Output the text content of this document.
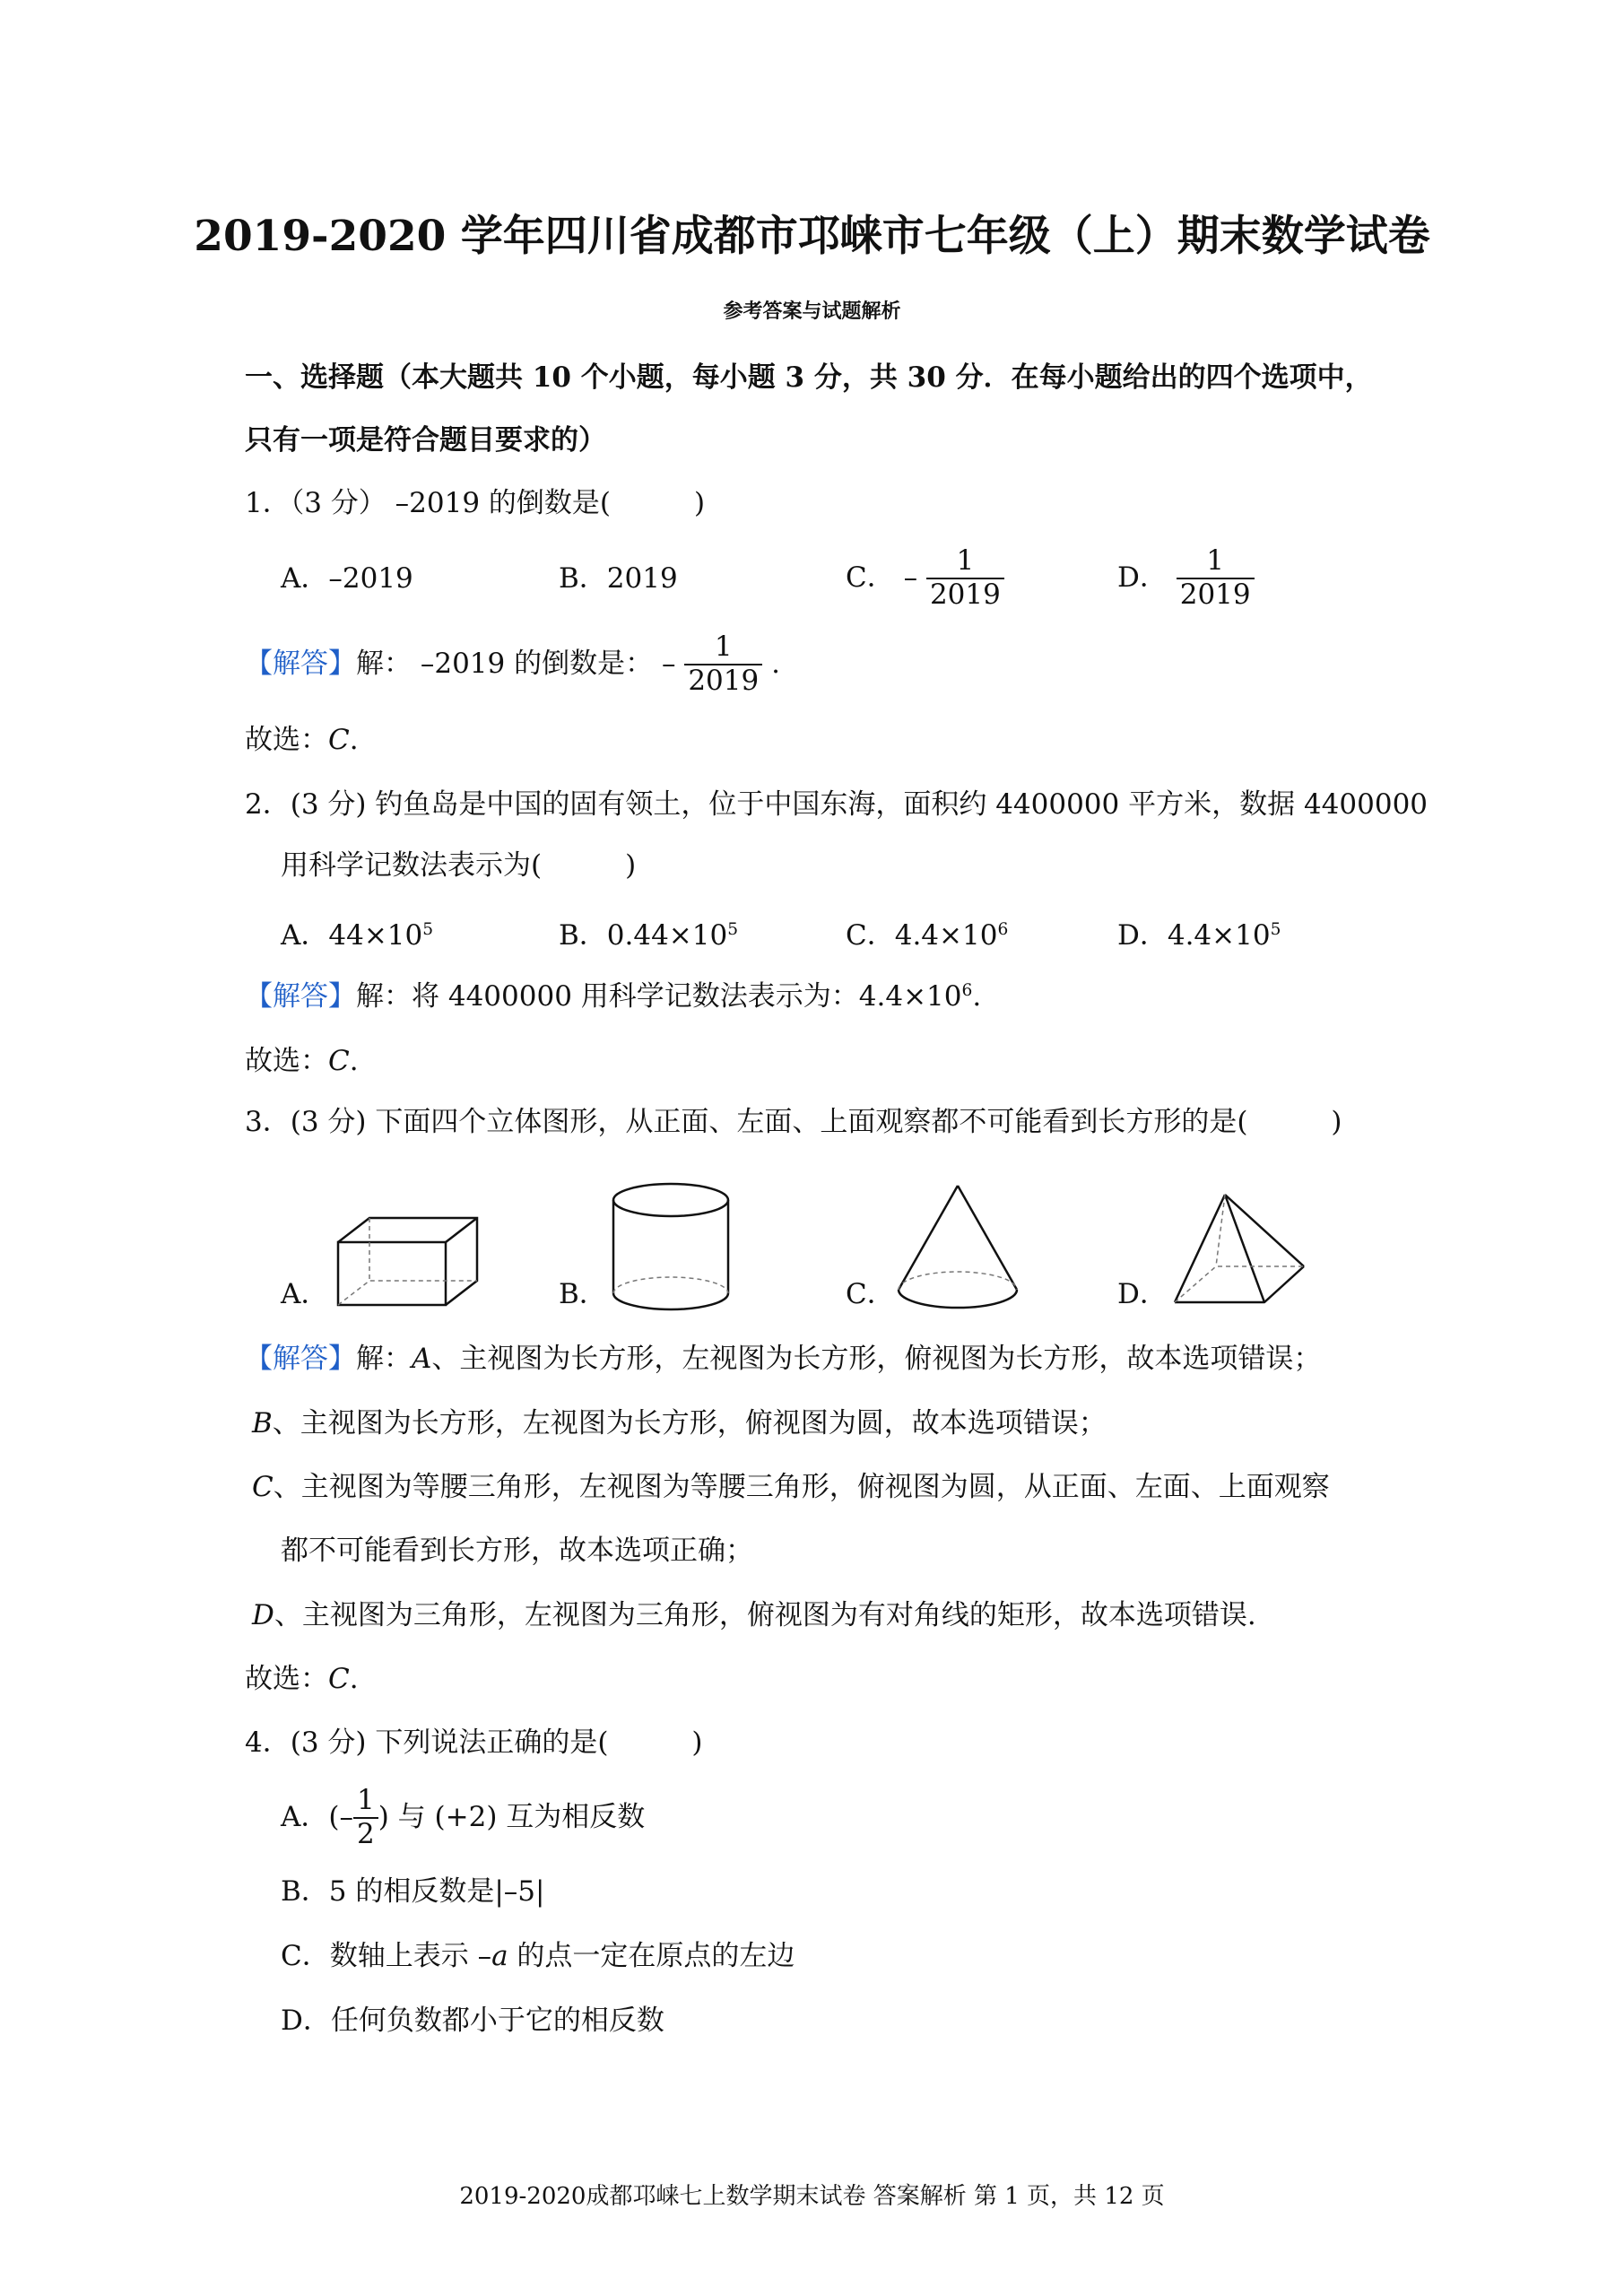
2019-2020 学年四川省成都市邛崃市七年级（上）期末数学试卷
参考答案与试题解析
一、选择题（本大题共 10 个小题，每小题 3 分，共 30 分．在每小题给出的四个选项中，
只有一项是符合题目要求的）
1．（3 分） –2019 的倒数是(　　　)
A．–2019	B．2019	C． – $\frac{1}{2019}$	D． $\frac{1}{2019}$
【解答】解： –2019 的倒数是： – $\frac{1}{2019}$ .
故选：C.
2．(3 分) 钓鱼岛是中国的固有领土，位于中国东海，面积约 4400000 平方米，数据 4400000
用科学记数法表示为(　　　)
A．$44\times 10^5$	B．$0.44\times 10^5$	C．$4.4\times 10^6$	D．$4.4\times 10^5$
【解答】解：将 4400000 用科学记数法表示为：$4.4\times 10^6$.
故选：C.
3．(3 分) 下面四个立体图形，从正面、左面、上面观察都不可能看到长方形的是(　　　)
A．	B．	C．	D．
【解答】解：A、主视图为长方形，左视图为长方形，俯视图为长方形，故本选项错误；
B、主视图为长方形，左视图为长方形，俯视图为圆，故本选项错误；
C、主视图为等腰三角形，左视图为等腰三角形，俯视图为圆，从正面、左面、上面观察
都不可能看到长方形，故本选项正确；
D、主视图为三角形，左视图为三角形，俯视图为有对角线的矩形，故本选项错误.
故选：C.
4．(3 分) 下列说法正确的是(　　　)
A．(– $\frac{1}{2}$ ) 与 (+2) 互为相反数
B．5 的相反数是|–5|
C．数轴上表示 –a 的点一定在原点的左边
D．任何负数都小于它的相反数
2019-2020成都邛崃七上数学期末试卷 答案解析 第 1 页，共 12 页
